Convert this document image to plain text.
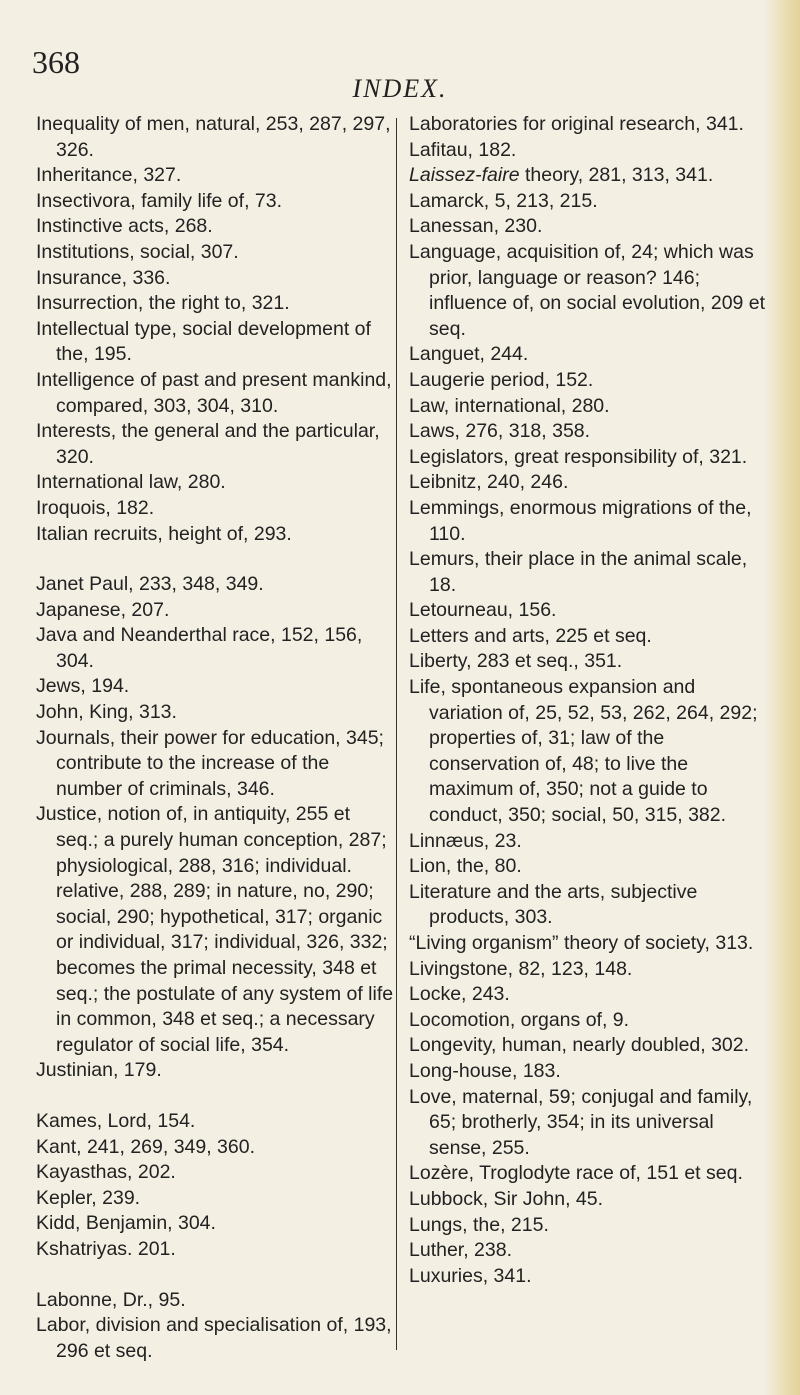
368
INDEX.
Inequality of men, natural, 253, 287, 297, 326.
Inheritance, 327.
Insectivora, family life of, 73.
Instinctive acts, 268.
Institutions, social, 307.
Insurance, 336.
Insurrection, the right to, 321.
Intellectual type, social development of the, 195.
Intelligence of past and present mankind, compared, 303, 304, 310.
Interests, the general and the particular, 320.
International law, 280.
Iroquois, 182.
Italian recruits, height of, 293.
Janet Paul, 233, 348, 349.
Japanese, 207.
Java and Neanderthal race, 152, 156, 304.
Jews, 194.
John, King, 313.
Journals, their power for education, 345; contribute to the increase of the number of criminals, 346.
Justice, notion of, in antiquity, 255 et seq.; a purely human conception, 287; physiological, 288, 316; individual. relative, 288, 289; in nature, no, 290; social, 290; hypothetical, 317; organic or individual, 317; individual, 326, 332; becomes the primal necessity, 348 et seq.; the postulate of any system of life in common, 348 et seq.; a necessary regulator of social life, 354.
Justinian, 179.
Kames, Lord, 154.
Kant, 241, 269, 349, 360.
Kayasthas, 202.
Kepler, 239.
Kidd, Benjamin, 304.
Kshatriyas. 201.
Labonne, Dr., 95.
Labor, division and specialisation of, 193, 296 et seq.
Laboratories for original research, 341.
Lafitau, 182.
Laissez-faire theory, 281, 313, 341.
Lamarck, 5, 213, 215.
Lanessan, 230.
Language, acquisition of, 24; which was prior, language or reason? 146; influence of, on social evolution, 209 et seq.
Languet, 244.
Laugerie period, 152.
Law, international, 280.
Laws, 276, 318, 358.
Legislators, great responsibility of, 321.
Leibnitz, 240, 246.
Lemmings, enormous migrations of the, 110.
Lemurs, their place in the animal scale, 18.
Letourneau, 156.
Letters and arts, 225 et seq.
Liberty, 283 et seq., 351.
Life, spontaneous expansion and variation of, 25, 52, 53, 262, 264, 292; properties of, 31; law of the conservation of, 48; to live the maximum of, 350; not a guide to conduct, 350; social, 50, 315, 382.
Linnæus, 23.
Lion, the, 80.
Literature and the arts, subjective products, 303.
“Living organism” theory of society, 313.
Livingstone, 82, 123, 148.
Locke, 243.
Locomotion, organs of, 9.
Longevity, human, nearly doubled, 302.
Long-house, 183.
Love, maternal, 59; conjugal and family, 65; brotherly, 354; in its universal sense, 255.
Lozère, Troglodyte race of, 151 et seq.
Lubbock, Sir John, 45.
Lungs, the, 215.
Luther, 238.
Luxuries, 341.
